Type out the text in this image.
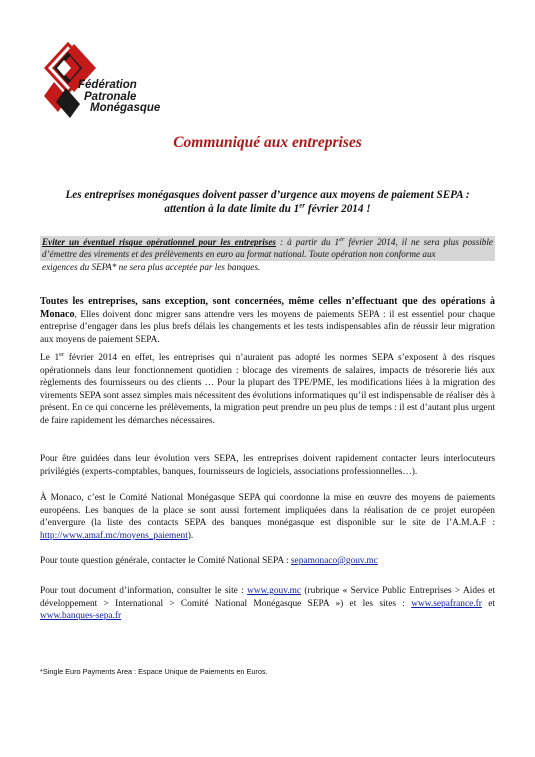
Fédération
Patronale
Monégasque
Communiqué aux entreprises
Les entreprises monégasques doivent passer d’urgence aux moyens de paiement SEPA :
attention à la date limite du 1er février 2014 !
Eviter un éventuel risque opérationnel pour les entreprises : à partir du 1er février 2014, il ne sera plus possible d’émettre des virements et des prélèvements en euro au format national. Toute opération non conforme aux
exigences du SEPA* ne sera plus acceptée par les banques.
Toutes les entreprises, sans exception, sont concernées, même celles n’effectuant que des opérations à Monaco, Elles doivent donc migrer sans attendre vers les moyens de paiements SEPA : il est essentiel pour chaque entreprise d’engager dans les plus brefs délais les changements et les tests indispensables afin de réussir leur migration aux moyens de paiement SEPA.
Le 1er février 2014 en effet, les entreprises qui n’auraient pas adopté les normes SEPA s’exposent à des risques opérationnels dans leur fonctionnement quotidien : blocage des virements de salaires, impacts de trésorerie liés aux règlements des fournisseurs ou des clients … Pour la plupart des TPE/PME, les modifications liées à la migration des virements SEPA sont assez simples mais nécessitent des évolutions informatiques qu’il est indispensable de réaliser dès à présent. En ce qui concerne les prélèvements, la migration peut prendre un peu plus de temps : il est d’autant plus urgent de faire rapidement les démarches nécessaires.
Pour être guidées dans leur évolution vers SEPA, les entreprises doivent rapidement contacter leurs interlocuteurs privilégiés (experts-comptables, banques, fournisseurs de logiciels, associations professionnelles…).
À Monaco, c’est le Comité National Monégasque SEPA qui coordonne la mise en œuvre des moyens de paiements européens. Les banques de la place se sont aussi fortement impliquées dans la réalisation de ce projet européen d’envergure (la liste des contacts SEPA des banques monégasque est disponible sur le site de l’A.M.A.F : http://www.amaf.mc/moyens_paiement).
Pour toute question générale, contacter le Comité National SEPA : sepamonaco@gouv.mc
Pour tout document d’information, consulter le site : www.gouv.mc (rubrique « Service Public Entreprises > Aides et développement > International > Comité National Monégasque SEPA ») et les sites : www.sepafrance.fr et www.banques-sepa.fr
*Single Euro Payments Area : Espace Unique de Paiements en Euros.
